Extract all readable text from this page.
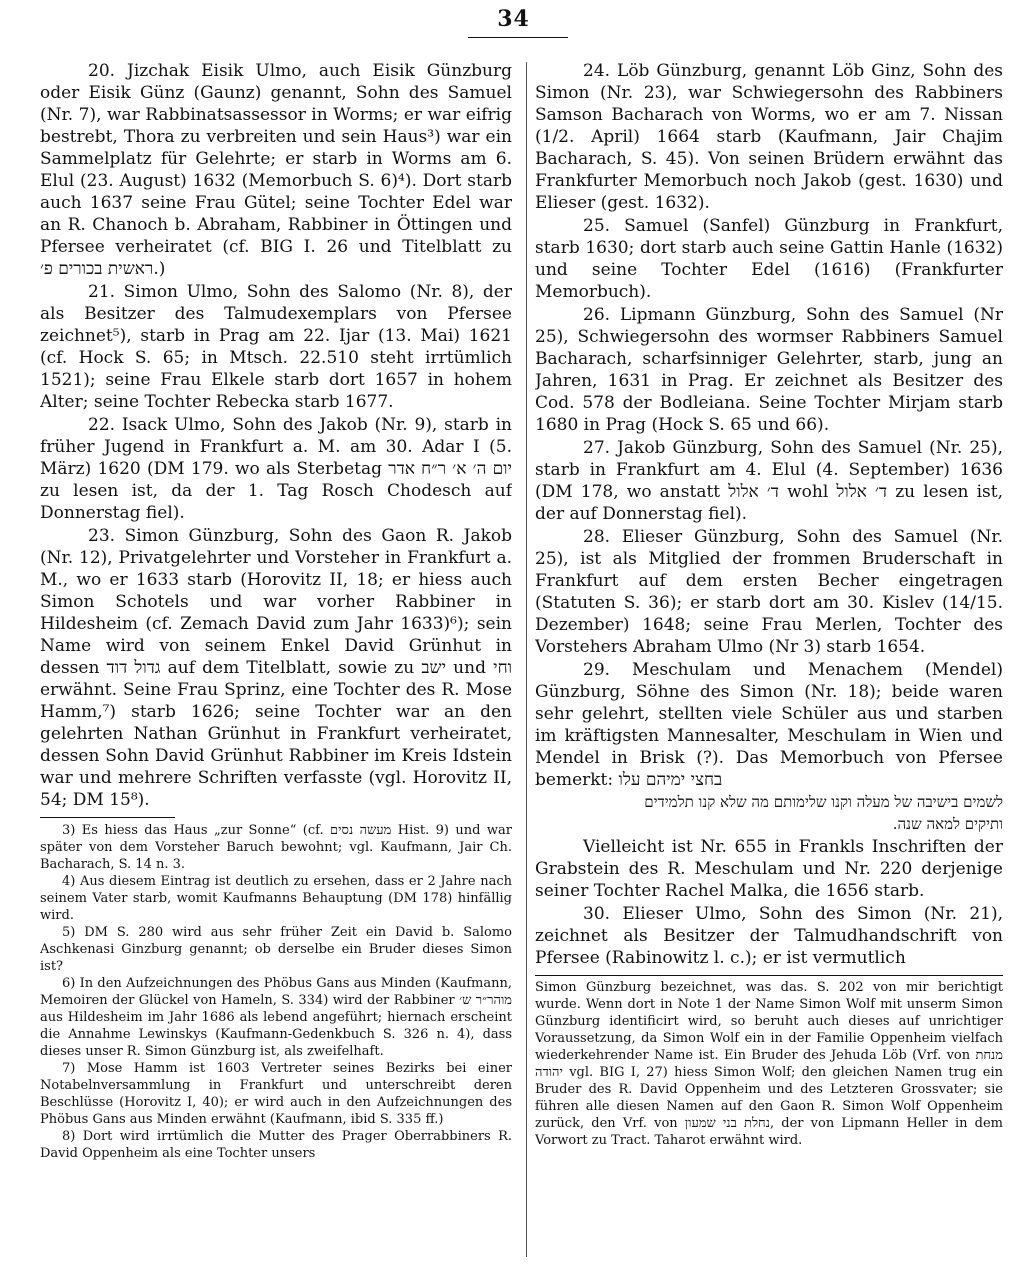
34

20. Jizchak Eisik Ulmo, auch Eisik Günzburg oder Eisik Günz (Gaunz) genannt, Sohn des Samuel (Nr. 7), war Rabbinatsassessor in Worms; er war eifrig bestrebt, Thora zu verbreiten und sein Haus³) war ein Sammelplatz für Gelehrte; er starb in Worms am 6. Elul (23. August) 1632 (Memorbuch S. 6)⁴). Dort starb auch 1637 seine Frau Gütel; seine Tochter Edel war an R. Chanoch b. Abraham, Rabbiner in Öttingen und Pfersee verheiratet (cf. BIG I. 26 und Titelblatt zu ראשית בכורים פ׳.)

21. Simon Ulmo, Sohn des Salomo (Nr. 8), der als Besitzer des Talmudexemplars von Pfersee zeichnet⁵), starb in Prag am 22. Ijar (13. Mai) 1621 (cf. Hock S. 65; in Mtsch. 22.510 steht irrtümlich 1521); seine Frau Elkele starb dort 1657 in hohem Alter; seine Tochter Rebecka starb 1677.

22. Isack Ulmo, Sohn des Jakob (Nr. 9), starb in früher Jugend in Frankfurt a. M. am 30. Adar I (5. März) 1620 (DM 179. wo als Sterbetag יום ה׳ א׳ ר״ח אדר zu lesen ist, da der 1. Tag Rosch Chodesch auf Donnerstag fiel).

23. Simon Günzburg, Sohn des Gaon R. Jakob (Nr. 12), Privatgelehrter und Vorsteher in Frankfurt a. M., wo er 1633 starb (Horovitz II, 18; er hiess auch Simon Schotels und war vorher Rabbiner in Hildesheim (cf. Zemach David zum Jahr 1633)⁶); sein Name wird von seinem Enkel David Grünhut in dessen גדול דוד auf dem Titelblatt, sowie zu ישב und וחי erwähnt. Seine Frau Sprinz, eine Tochter des R. Mose Hamm,⁷) starb 1626; seine Tochter war an den gelehrten Nathan Grünhut in Frankfurt verheiratet, dessen Sohn David Grünhut Rabbiner im Kreis Idstein war und mehrere Schriften verfasste (vgl. Horovitz II, 54; DM 15⁸).

3) Es hiess das Haus „zur Sonne“ (cf. מעשה נסים Hist. 9) und war später von dem Vorsteher Baruch bewohnt; vgl. Kaufmann, Jair Ch. Bacharach, S. 14 n. 3.

4) Aus diesem Eintrag ist deutlich zu ersehen, dass er 2 Jahre nach seinem Vater starb, womit Kaufmanns Behauptung (DM 178) hinfällig wird.

5) DM S. 280 wird aus sehr früher Zeit ein David b. Salomo Aschkenasi Ginzburg genannt; ob derselbe ein Bruder dieses Simon ist?

6) In den Aufzeichnungen des Phöbus Gans aus Minden (Kaufmann, Memoiren der Glückel von Hameln, S. 334) wird der Rabbiner מוהר״ר ש׳ aus Hildesheim im Jahr 1686 als lebend angeführt; hiernach erscheint die Annahme Lewinskys (Kaufmann-Gedenkbuch S. 326 n. 4), dass dieses unser R. Simon Günzburg ist, als zweifelhaft.

7) Mose Hamm ist 1603 Vertreter seines Bezirks bei einer Notabelnversammlung in Frankfurt und unterschreibt deren Beschlüsse (Horovitz I, 40); er wird auch in den Aufzeichnungen des Phöbus Gans aus Minden erwähnt (Kaufmann, ibid S. 335 ff.)

8) Dort wird irrtümlich die Mutter des Prager Oberrabbiners R. David Oppenheim als eine Tochter unsers

24. Löb Günzburg, genannt Löb Ginz, Sohn des Simon (Nr. 23), war Schwiegersohn des Rabbiners Samson Bacharach von Worms, wo er am 7. Nissan (1/2. April) 1664 starb (Kaufmann, Jair Chajim Bacharach, S. 45). Von seinen Brüdern erwähnt das Frankfurter Memorbuch noch Jakob (gest. 1630) und Elieser (gest. 1632).

25. Samuel (Sanfel) Günzburg in Frankfurt, starb 1630; dort starb auch seine Gattin Hanle (1632) und seine Tochter Edel (1616) (Frankfurter Memorbuch).

26. Lipmann Günzburg, Sohn des Samuel (Nr 25), Schwiegersohn des wormser Rabbiners Samuel Bacharach, scharfsinniger Gelehrter, starb, jung an Jahren, 1631 in Prag. Er zeichnet als Besitzer des Cod. 578 der Bodleiana. Seine Tochter Mirjam starb 1680 in Prag (Hock S. 65 und 66).

27. Jakob Günzburg, Sohn des Samuel (Nr. 25), starb in Frankfurt am 4. Elul (4. September) 1636 (DM 178, wo anstatt ד׳ אלול wohl ד׳ אלול zu lesen ist, der auf Donnerstag fiel).

28. Elieser Günzburg, Sohn des Samuel (Nr. 25), ist als Mitglied der frommen Bruderschaft in Frankfurt auf dem ersten Becher eingetragen (Statuten S. 36); er starb dort am 30. Kislev (14/15. Dezember) 1648; seine Frau Merlen, Tochter des Vorstehers Abraham Ulmo (Nr 3) starb 1654.

29. Meschulam und Menachem (Mendel) Günzburg, Söhne des Simon (Nr. 18); beide waren sehr gelehrt, stellten viele Schüler aus und starben im kräftigsten Mannesalter, Meschulam in Wien und Mendel in Brisk (?). Das Memorbuch von Pfersee bemerkt: בחצי ימיהם עלו

לשמים בישיבה של מעלה וקנו שלימותם מה שלא קנו תלמידים

ותיקים למאה שנה.

Vielleicht ist Nr. 655 in Frankls Inschriften der Grabstein des R. Meschulam und Nr. 220 derjenige seiner Tochter Rachel Malka, die 1656 starb.

30. Elieser Ulmo, Sohn des Simon (Nr. 21), zeichnet als Besitzer der Talmudhandschrift von Pfersee (Rabinowitz l. c.); er ist vermutlich

Simon Günzburg bezeichnet, was das. S. 202 von mir berichtigt wurde. Wenn dort in Note 1 der Name Simon Wolf mit unserm Simon Günzburg identificirt wird, so beruht auch dieses auf unrichtiger Voraussetzung, da Simon Wolf ein in der Familie Oppenheim vielfach wiederkehrender Name ist. Ein Bruder des Jehuda Löb (Vrf. von מנחת יהודה vgl. BIG I, 27) hiess Simon Wolf; den gleichen Namen trug ein Bruder des R. David Oppenheim und des Letzteren Grossvater; sie führen alle diesen Namen auf den Gaon R. Simon Wolf Oppenheim zurück, den Vrf. von נחלת בני שמעון, der von Lipmann Heller in dem Vorwort zu Tract. Taharot erwähnt wird.
